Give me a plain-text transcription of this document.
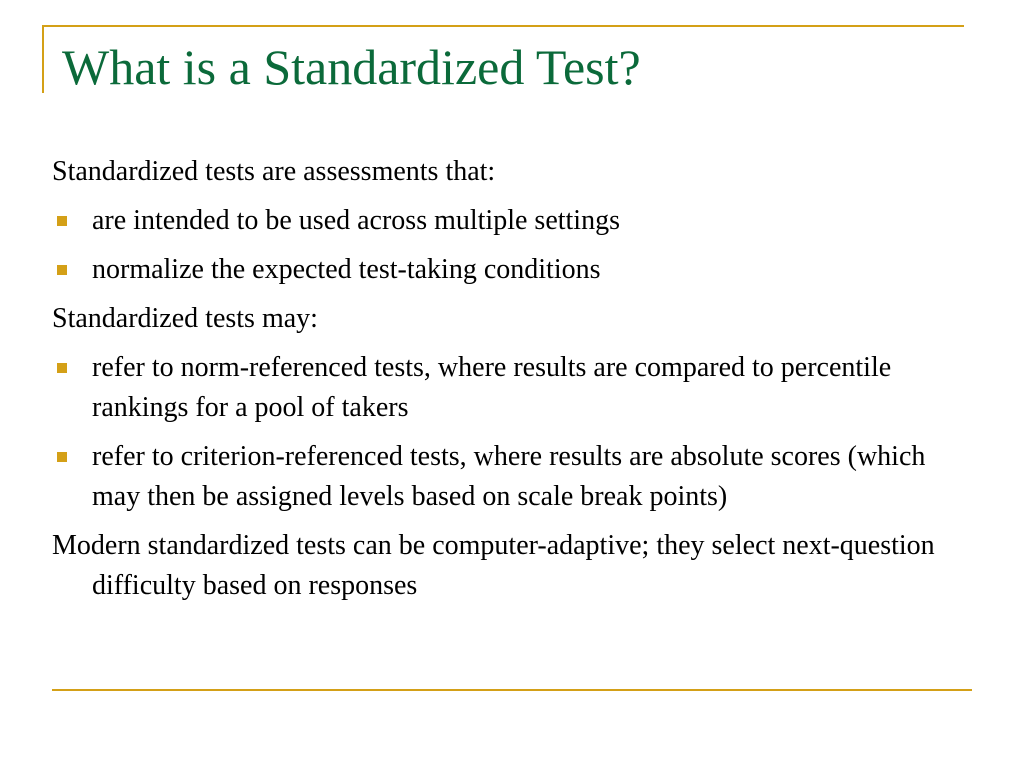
What is a Standardized Test?

Standardized tests are assessments that:

are intended to be used across multiple settings
normalize the expected test-taking conditions

Standardized tests may:

refer to norm-referenced tests, where results are compared to percentile rankings for a pool of takers
refer to criterion-referenced tests, where results are absolute scores (which may then be assigned levels based on scale break points)

Modern standardized tests can be computer-adaptive; they select next-question difficulty based on responses
